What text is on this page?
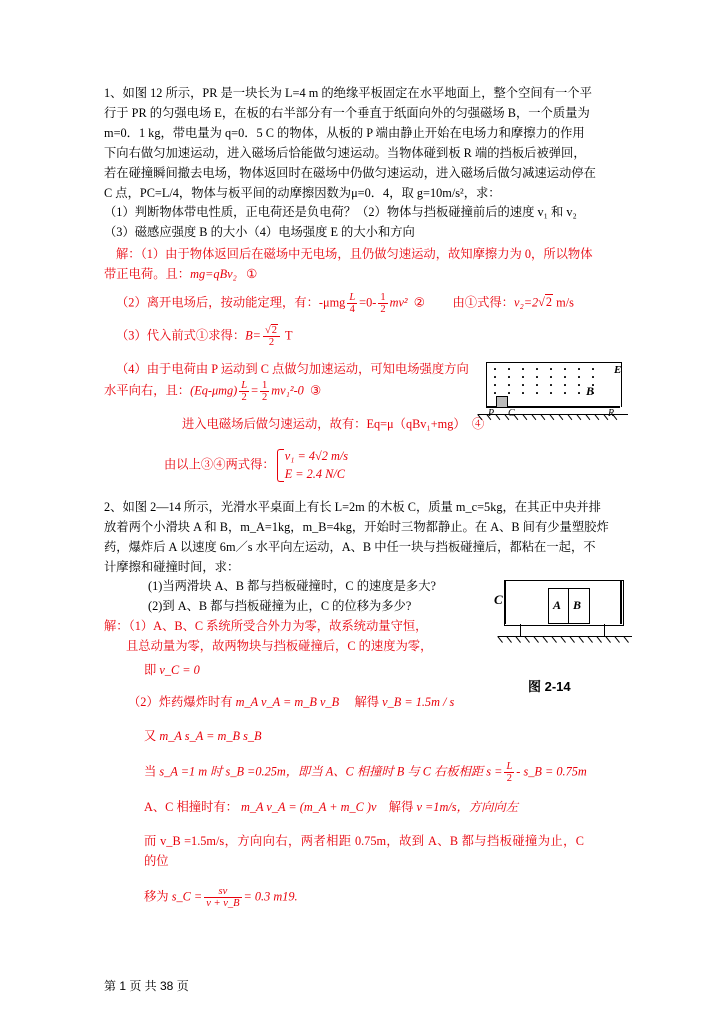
1、如图 12 所示，PR 是一块长为 L=4 m 的绝缘平板固定在水平地面上，整个空间有一个平
行于 PR 的匀强电场 E，在板的右半部分有一个垂直于纸面向外的匀强磁场 B，一个质量为
m=0．1 kg，带电量为 q=0．5 C 的物体，从板的 P 端由静止开始在电场力和摩擦力的作用
下向右做匀加速运动，进入磁场后恰能做匀速运动。当物体碰到板 R 端的挡板后被弹回，
若在碰撞瞬间撤去电场，物体返回时在磁场中仍做匀速运动，进入磁场后做匀减速运动停在
C 点，PC=L/4，物体与板平间的动摩擦因数为μ=0．4，取 g=10m/s²，求：
（1）判断物体带电性质，正电荷还是负电荷？（2）物体与挡板碰撞前后的速度 v₁ 和 v₂
（3）磁感应强度 B 的大小（4）电场强度 E 的大小和方向
解：（1）由于物体返回后在磁场中无电场，且仍做匀速运动，故知摩擦力为 0，所以物体
带正电荷。且：mg=qBv₂ ①
（2）离开电场后，按动能定理，有：$-\mu mg \frac{L}{4} =0- \frac{1}{2} mv^2$ ② 由①式得：v₂=2√2 m/s
（3）代入前式①求得：$B= \frac{√2}{2}$ T
（4）由于电荷由 P 运动到 C 点做匀加速运动，可知电场强度方向
水平向右，且：$(Eq-\mu mg) \frac{L}{2} = \frac{1}{2} mv_1^2-0$ ③
进入电磁场后做匀速运动，故有：Eq=μ（qBv₁+mg） ④
由以上③④两式得：
v₁ = 4√2 m/s
E = 2.4 N/C
2、如图 2—14 所示，光滑水平桌面上有长 L=2m 的木板 C，质量 m_c=5kg，在其正中央并排
放着两个小滑块 A 和 B，m_A=1kg，m_B=4kg，开始时三物都静止。在 A、B 间有少量塑胶炸
药，爆炸后 A 以速度 6m／s 水平向左运动，A、B 中任一块与挡板碰撞后，都粘在一起，不
计摩擦和碰撞时间，求：
(1)当两滑块 A、B 都与挡板碰撞时，C 的速度是多大?
(2)到 A、B 都与挡板碰撞为止，C 的位移为多少?
解：（1）A、B、C 系统所受合外力为零，故系统动量守恒，
且总动量为零，故两物块与挡板碰撞后，C 的速度为零，
即 v_C = 0
（2）炸药爆炸时有 m_A v_A = m_B v_B 解得 v_B = 1.5m / s
又 m_A s_A = m_B s_B
当 s_A =1 m 时 s_B =0.25m，即当 A、C 相撞时 B 与 C 右板相距 $s = \frac{L}{2}$ - s_B = 0.75m
A、C 相撞时有： m_A v_A = (m_A + m_C )v 解得 v =1m/s，方向向左
而 v_B =1.5m/s，方向向右，两者相距 0.75m，故到 A、B 都与挡板碰撞为止，C 的位
移为 s_C = $\frac{sv}{v + v\_B} = 0.3$ m19.
P C	R
B
E
C	A B
图 2-14
第 1 页 共 38 页
